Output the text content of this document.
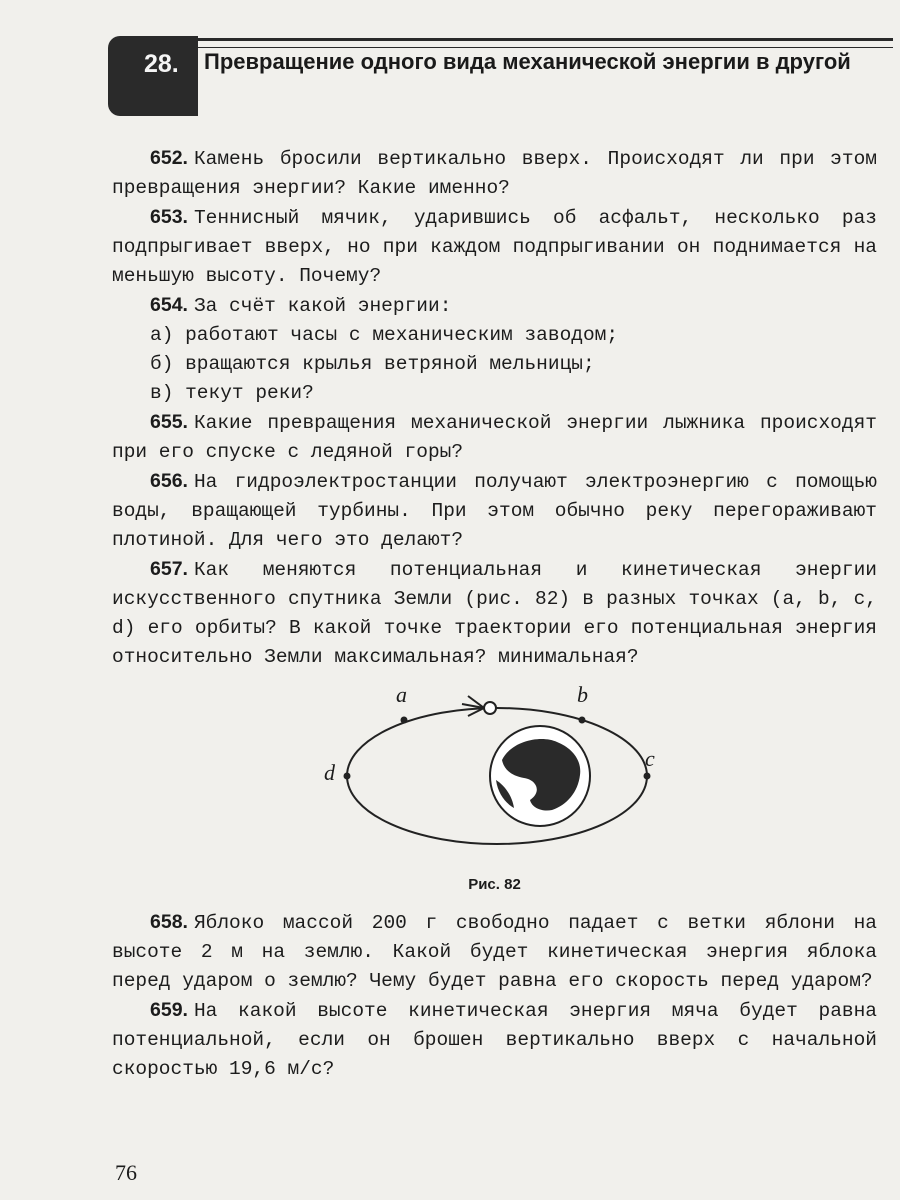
28. Превращение одного вида механической энергии в другой

652. Камень бросили вертикально вверх. Происходят ли при этом превращения энергии? Какие именно?

653. Теннисный мячик, ударившись об асфальт, несколько раз подпрыгивает вверх, но при каждом подпрыгивании он поднимается на меньшую высоту. Почему?

654. За счёт какой энергии:

а) работают часы с механическим заводом;

б) вращаются крылья ветряной мельницы;

в) текут реки?

655. Какие превращения механической энергии лыжника происходят при его спуске с ледяной горы?

656. На гидроэлектростанции получают электроэнергию с помощью воды, вращающей турбины. При этом обычно реку перегораживают плотиной. Для чего это делают?

657. Как меняются потенциальная и кинетическая энергии искусственного спутника Земли (рис. 82) в разных точках (a, b, c, d) его орбиты? В какой точке траектории его потенциальная энергия относительно Земли максимальная? минимальная?

a	b
c
d
Рис. 82

658. Яблоко массой 200 г свободно падает с ветки яблони на высоте 2 м на землю. Какой будет кинетическая энергия яблока перед ударом о землю? Чему будет равна его скорость перед ударом?

659. На какой высоте кинетическая энергия мяча будет равна потенциальной, если он брошен вертикально вверх с начальной скоростью 19,6 м/с?

76
